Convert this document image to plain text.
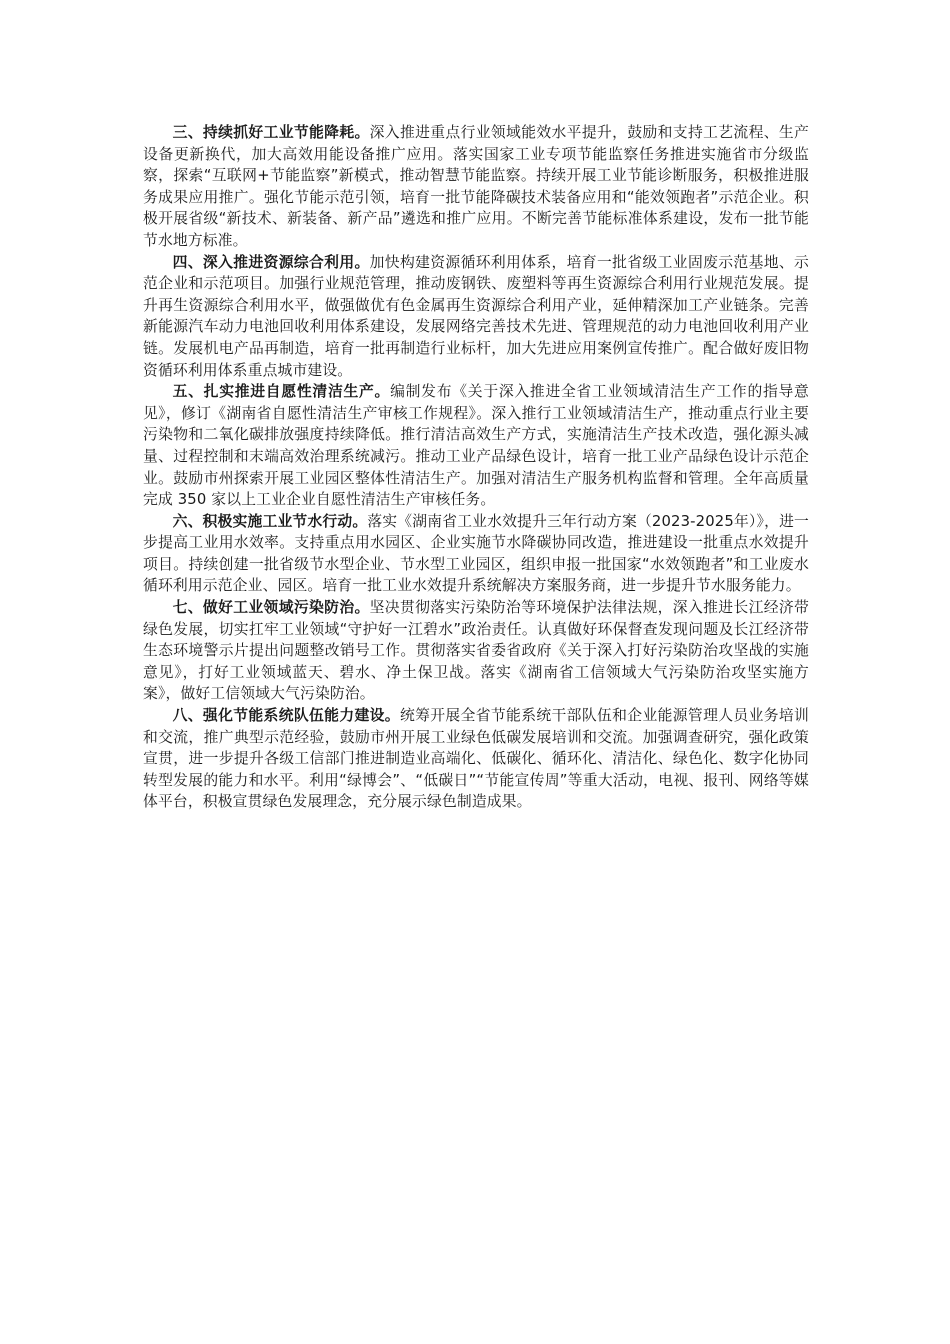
三、持续抓好工业节能降耗。深入推进重点行业领域能效水平提升，鼓励和支持工艺流程、生产设备更新换代，加大高效用能设备推广应用。落实国家工业专项节能监察任务推进实施省市分级监察，探索“互联网+节能监察”新模式，推动智慧节能监察。持续开展工业节能诊断服务，积极推进服务成果应用推广。强化节能示范引领，培育一批节能降碳技术装备应用和“能效领跑者”示范企业。积极开展省级“新技术、新装备、新产品”遴选和推广应用。不断完善节能标准体系建设，发布一批节能节水地方标准。

四、深入推进资源综合利用。加快构建资源循环利用体系，培育一批省级工业固废示范基地、示范企业和示范项目。加强行业规范管理，推动废钢铁、废塑料等再生资源综合利用行业规范发展。提升再生资源综合利用水平，做强做优有色金属再生资源综合利用产业，延伸精深加工产业链条。完善新能源汽车动力电池回收利用体系建设，发展网络完善技术先进、管理规范的动力电池回收利用产业链。发展机电产品再制造，培育一批再制造行业标杆，加大先进应用案例宣传推广。配合做好废旧物资循环利用体系重点城市建设。

五、扎实推进自愿性清洁生产。编制发布《关于深入推进全省工业领域清洁生产工作的指导意见》，修订《湖南省自愿性清洁生产审核工作规程》。深入推行工业领域清洁生产，推动重点行业主要污染物和二氧化碳排放强度持续降低。推行清洁高效生产方式，实施清洁生产技术改造，强化源头减量、过程控制和末端高效治理系统减污。推动工业产品绿色设计，培育一批工业产品绿色设计示范企业。鼓励市州探索开展工业园区整体性清洁生产。加强对清洁生产服务机构监督和管理。全年高质量完成 350 家以上工业企业自愿性清洁生产审核任务。

六、积极实施工业节水行动。落实《湖南省工业水效提升三年行动方案（2023-2025年）》，进一步提高工业用水效率。支持重点用水园区、企业实施节水降碳协同改造，推进建设一批重点水效提升项目。持续创建一批省级节水型企业、节水型工业园区，组织申报一批国家“水效领跑者”和工业废水循环利用示范企业、园区。培育一批工业水效提升系统解决方案服务商，进一步提升节水服务能力。

七、做好工业领域污染防治。坚决贯彻落实污染防治等环境保护法律法规，深入推进长江经济带绿色发展，切实扛牢工业领域“守护好一江碧水”政治责任。认真做好环保督查发现问题及长江经济带生态环境警示片提出问题整改销号工作。贯彻落实省委省政府《关于深入打好污染防治攻坚战的实施意见》，打好工业领域蓝天、碧水、净土保卫战。落实《湖南省工信领域大气污染防治攻坚实施方案》，做好工信领域大气污染防治。

八、强化节能系统队伍能力建设。统筹开展全省节能系统干部队伍和企业能源管理人员业务培训和交流，推广典型示范经验，鼓励市州开展工业绿色低碳发展培训和交流。加强调查研究，强化政策宣贯，进一步提升各级工信部门推进制造业高端化、低碳化、循环化、清洁化、绿色化、数字化协同转型发展的能力和水平。利用“绿博会”、“低碳日”“节能宣传周”等重大活动，电视、报刊、网络等媒体平台，积极宣贯绿色发展理念，充分展示绿色制造成果。
